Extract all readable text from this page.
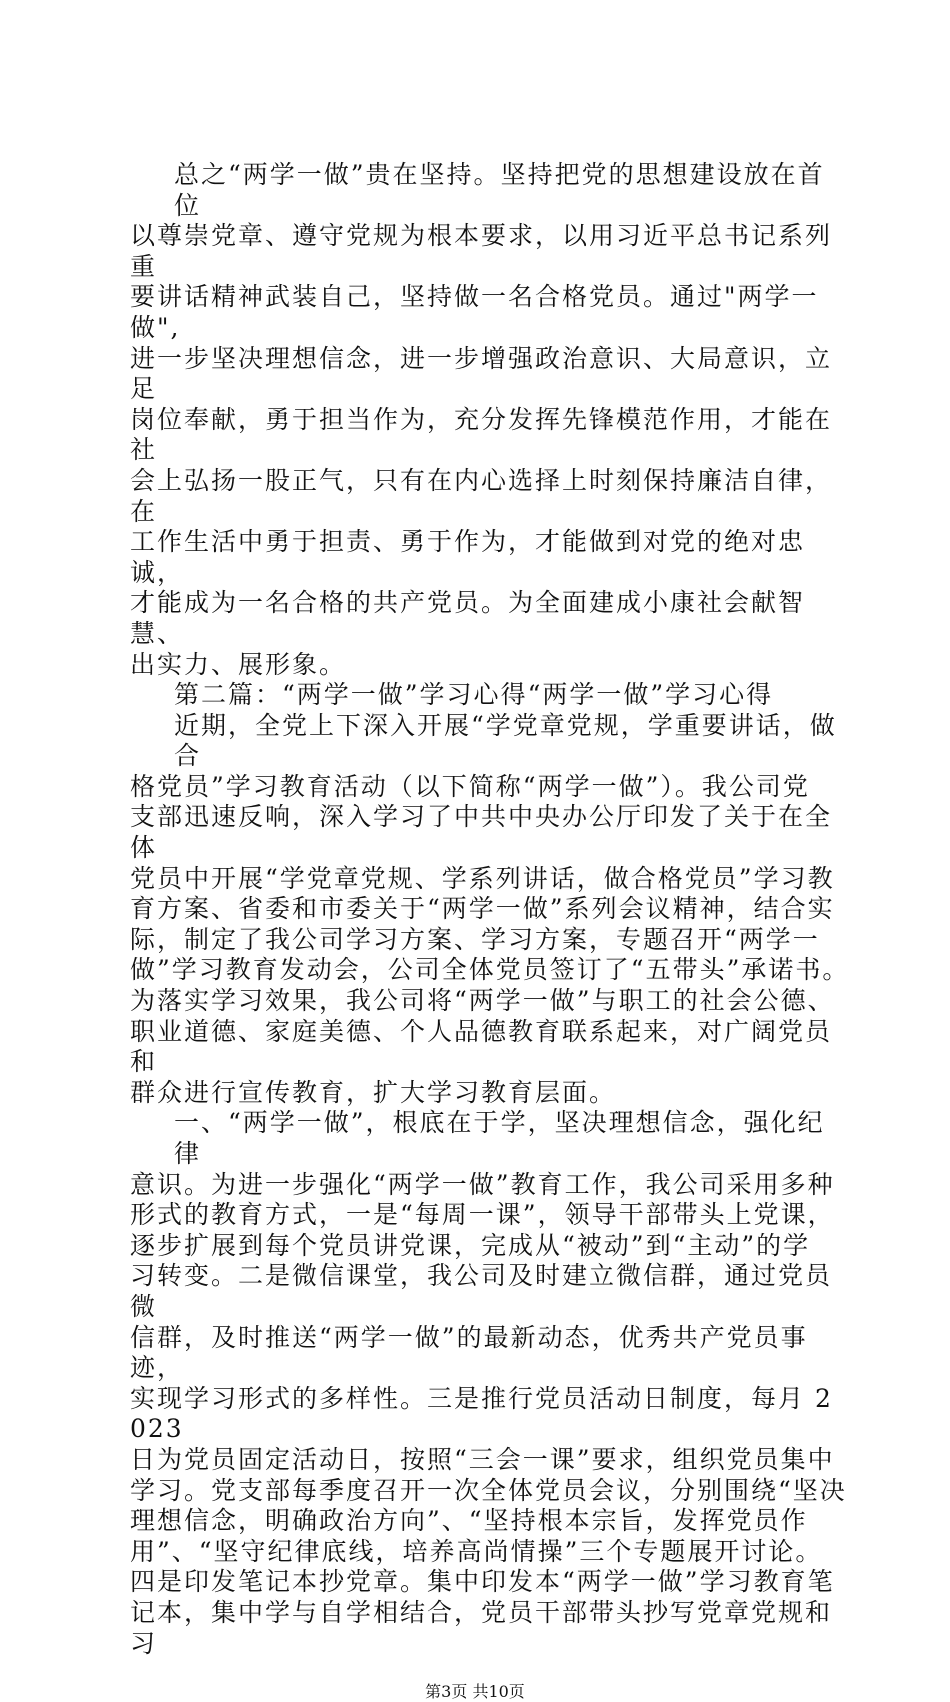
总之“两学一做”贵在坚持。坚持把党的思想建设放在首位
以尊崇党章、遵守党规为根本要求，以用习近平总书记系列重
要讲话精神武装自己，坚持做一名合格党员。通过"两学一做",
进一步坚决理想信念，进一步增强政治意识、大局意识，立足
岗位奉献，勇于担当作为，充分发挥先锋模范作用，才能在社
会上弘扬一股正气，只有在内心选择上时刻保持廉洁自律，在
工作生活中勇于担责、勇于作为，才能做到对党的绝对忠诚，
才能成为一名合格的共产党员。为全面建成小康社会献智慧、
出实力、展形象。
第二篇：“两学一做”学习心得“两学一做”学习心得
近期，全党上下深入开展“学党章党规，学重要讲话，做合
格党员”学习教育活动（以下简称“两学一做”）。我公司党
支部迅速反响，深入学习了中共中央办公厅印发了关于在全体
党员中开展“学党章党规、学系列讲话，做合格党员”学习教
育方案、省委和市委关于“两学一做”系列会议精神，结合实
际，制定了我公司学习方案、学习方案，专题召开“两学一
做”学习教育发动会，公司全体党员签订了“五带头”承诺书。
为落实学习效果，我公司将“两学一做”与职工的社会公德、
职业道德、家庭美德、个人品德教育联系起来，对广阔党员和
群众进行宣传教育，扩大学习教育层面。
一、“两学一做”，根底在于学，坚决理想信念，强化纪律
意识。为进一步强化“两学一做”教育工作，我公司采用多种
形式的教育方式，一是“每周一课”，领导干部带头上党课，
逐步扩展到每个党员讲党课，完成从“被动”到“主动”的学
习转变。二是微信课堂，我公司及时建立微信群，通过党员微
信群，及时推送“两学一做”的最新动态，优秀共产党员事迹，
实现学习形式的多样性。三是推行党员活动日制度，每月 2023
日为党员固定活动日，按照“三会一课”要求，组织党员集中
学习。党支部每季度召开一次全体党员会议，分别围绕“坚决
理想信念，明确政治方向”、“坚持根本宗旨，发挥党员作
用”、“坚守纪律底线，培养高尚情操”三个专题展开讨论。
四是印发笔记本抄党章。集中印发本“两学一做”学习教育笔
记本，集中学与自学相结合，党员干部带头抄写党章党规和习
第3页 共10页
